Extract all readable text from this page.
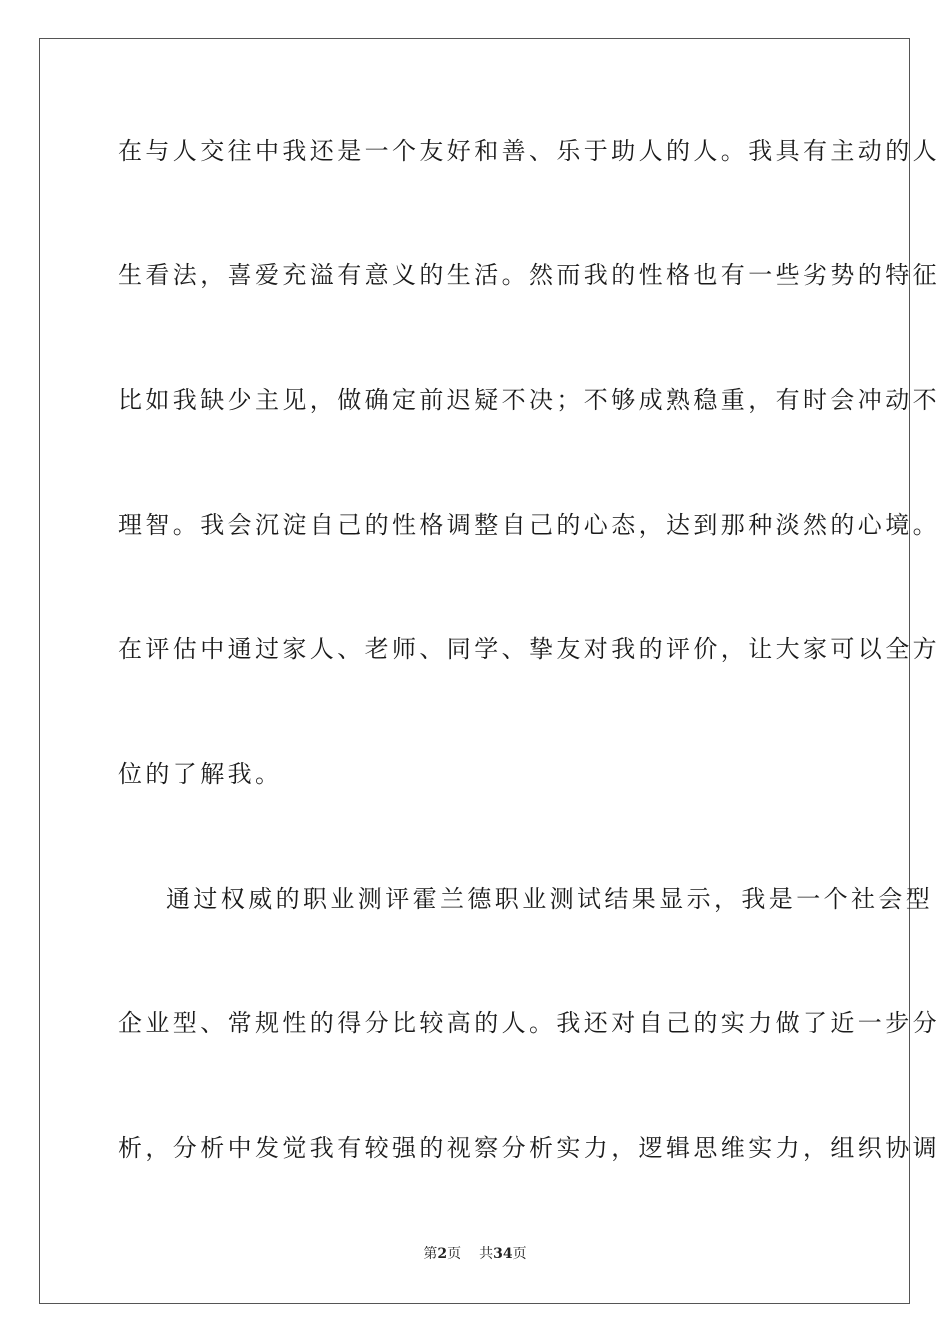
在与人交往中我还是一个友好和善、乐于助人的人。我具有主动的人
生看法，喜爱充溢有意义的生活。然而我的性格也有一些劣势的特征
比如我缺少主见，做确定前迟疑不决；不够成熟稳重，有时会冲动不
理智。我会沉淀自己的性格调整自己的心态，达到那种淡然的心境。
在评估中通过家人、老师、同学、挚友对我的评价，让大家可以全方
位的了解我。
通过权威的职业测评霍兰德职业测试结果显示，我是一个社会型
企业型、常规性的得分比较高的人。我还对自己的实力做了近一步分
析，分析中发觉我有较强的视察分析实力，逻辑思维实力，组织协调
第2页 共34页
